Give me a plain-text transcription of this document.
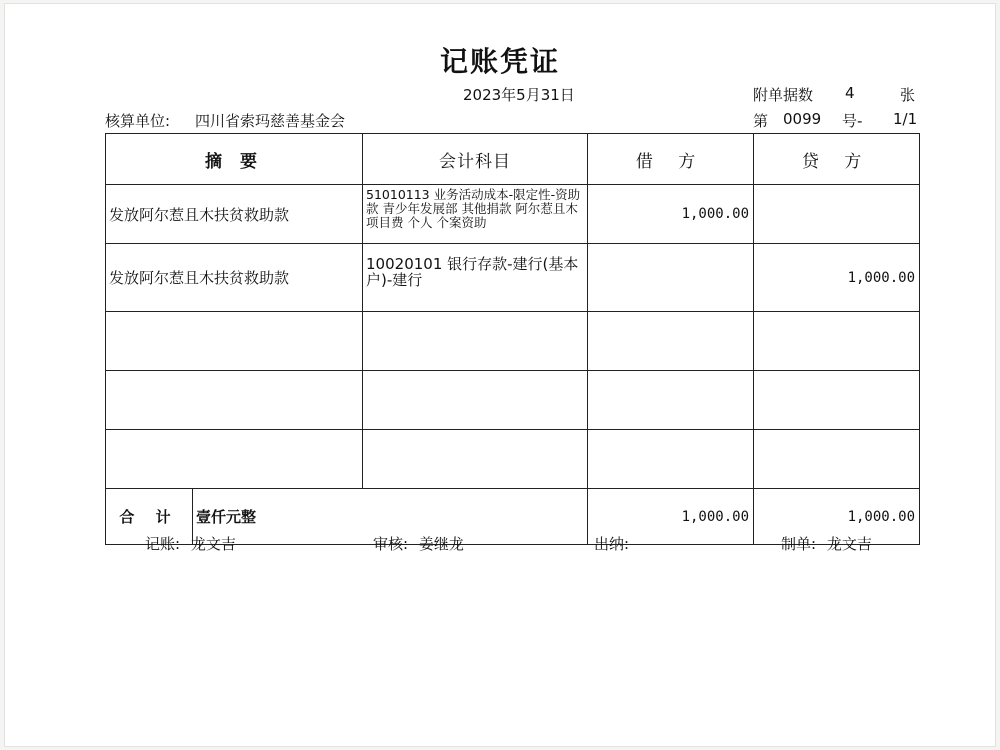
记账凭证
2023年5月31日	附单据数 4	张
核算单位: 四川省索玛慈善基金会	第 0099 号- 1/1
摘 要		会计科目	借 方	贷 方
发放阿尔惹且木扶贫救助款		51010113 业务活动成本-限定性-资助款 青少年发展部 其他捐款 阿尔惹且木 项目费 个人 个案资助	1,000.00	
发放阿尔惹且木扶贫救助款		10020101 银行存款-建行(基本户)-建行		1,000.00

合 计	壹仟元整		1,000.00	1,000.00
记账: 龙文吉	审核: 姜继龙	出纳:	制单: 龙文吉
